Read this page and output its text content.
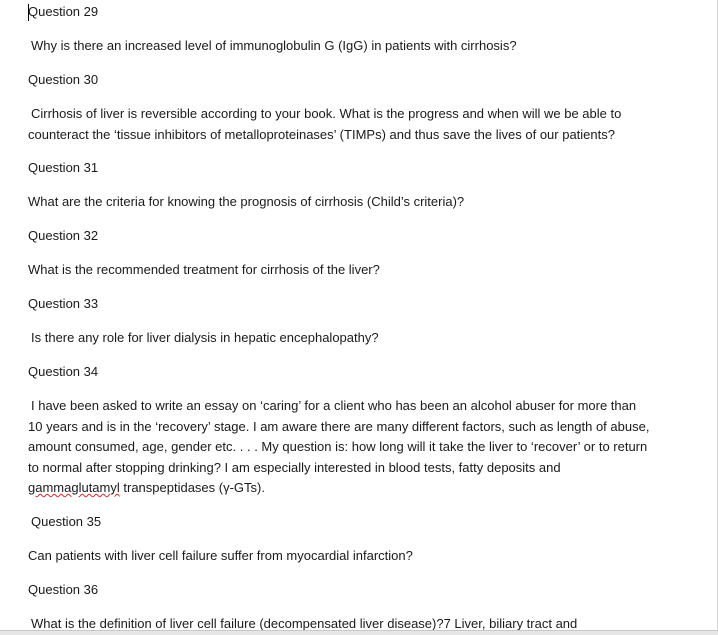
Question 29
Why is there an increased level of immunoglobulin G (IgG) in patients with cirrhosis?
Question 30
Cirrhosis of liver is reversible according to your book. What is the progress and when will we be able to counteract the ‘tissue inhibitors of metalloproteinases’ (TIMPs) and thus save the lives of our patients?
Question 31
What are the criteria for knowing the prognosis of cirrhosis (Child’s criteria)?
Question 32
What is the recommended treatment for cirrhosis of the liver?
Question 33
Is there any role for liver dialysis in hepatic encephalopathy?
Question 34
I have been asked to write an essay on ‘caring’ for a client who has been an alcohol abuser for more than 10 years and is in the ‘recovery’ stage. I am aware there are many different factors, such as length of abuse, amount consumed, age, gender etc. . . . My question is: how long will it take the liver to ‘recover’ or to return to normal after stopping drinking? I am especially interested in blood tests, fatty deposits and gammaglutamyl transpeptidases (γ-GTs).
Question 35
Can patients with liver cell failure suffer from myocardial infarction?
Question 36
What is the definition of liver cell failure (decompensated liver disease)?7 Liver, biliary tract and
